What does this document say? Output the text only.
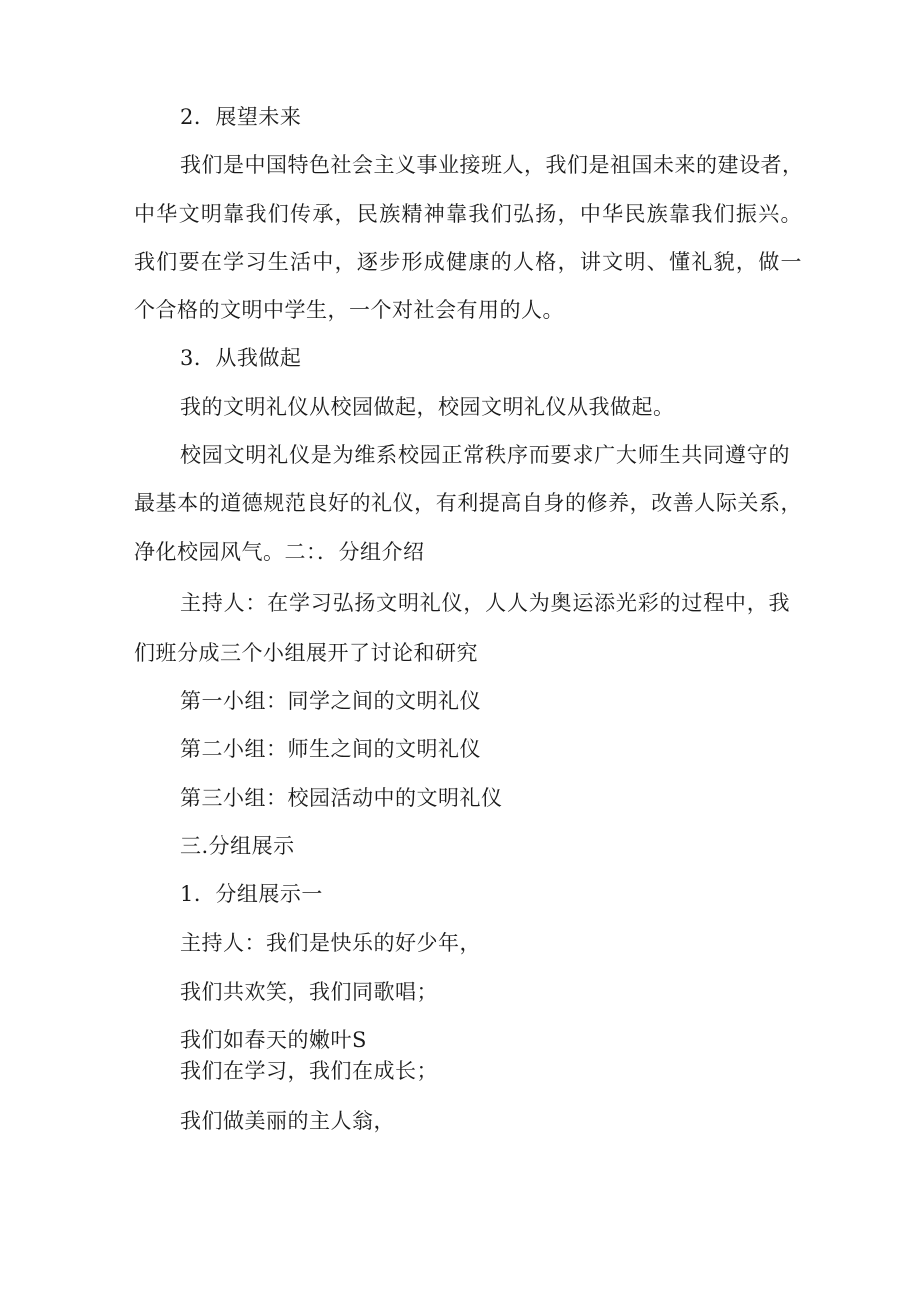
2．展望未来
我们是中国特色社会主义事业接班人，我们是祖国未来的建设者，
中华文明靠我们传承，民族精神靠我们弘扬，中华民族靠我们振兴。
我们要在学习生活中，逐步形成健康的人格，讲文明、懂礼貌，做一
个合格的文明中学生，一个对社会有用的人。
3．从我做起
我的文明礼仪从校园做起，校园文明礼仪从我做起。
校园文明礼仪是为维系校园正常秩序而要求广大师生共同遵守的
最基本的道德规范良好的礼仪，有利提高自身的修养，改善人际关系，
净化校园风气。二：．分组介绍
主持人：在学习弘扬文明礼仪，人人为奥运添光彩的过程中，我
们班分成三个小组展开了讨论和研究
第一小组：同学之间的文明礼仪
第二小组：师生之间的文明礼仪
第三小组：校园活动中的文明礼仪
三.分组展示
1．分组展示一
主持人：我们是快乐的好少年，
我们共欢笑，我们同歌唱；
我们如春天的嫩叶S
我们在学习，我们在成长；
我们做美丽的主人翁，
